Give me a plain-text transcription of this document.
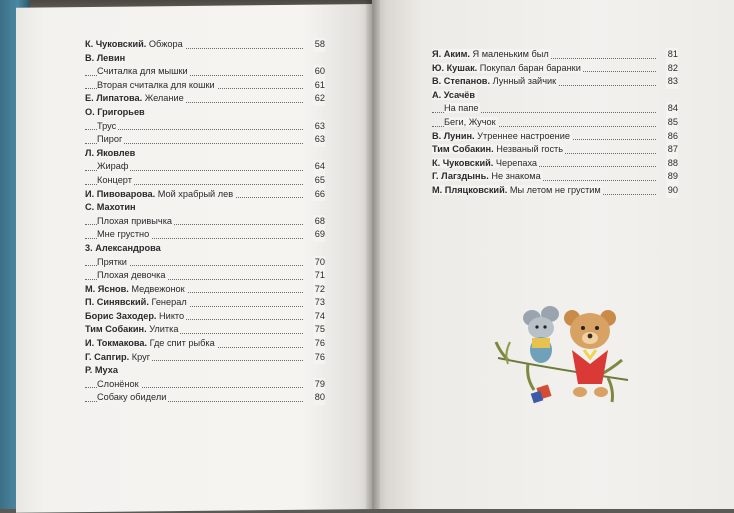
К. Чуковский. Обжора	58
В. Левин
Считалка для мышки	60
Вторая считалка для кошки	61
Е. Липатова. Желание	62
О. Григорьев
Трус	63
Пирог	63
Л. Яковлев
Жираф	64
Концерт	65
И. Пивоварова. Мой храбрый лев	66
С. Махотин
Плохая привычка	68
Мне грустно	69
3. Александрова
Прятки	70
Плохая девочка	71
М. Яснов. Медвежонок	72
П. Синявский. Генерал	73
Борис Заходер. Никто	74
Тим Собакин. Улитка	75
И. Токмакова. Где спит рыбка	76
Г. Сапгир. Круг	76
Р. Муха
Слонёнок	79
Собаку обидели	80
Я. Аким. Я маленьким был	81
Ю. Кушак. Покупал баран баранки	82
В. Степанов. Лунный зайчик	83
А. Усачёв
На папе	84
Беги, Жучок	85
В. Лунин. Утреннее настроение	86
Тим Собакин. Незваный гость	87
К. Чуковский. Черепаха	88
Г. Лагздынь. Не знакома	89
М. Пляцковский. Мы летом не грустим	90
